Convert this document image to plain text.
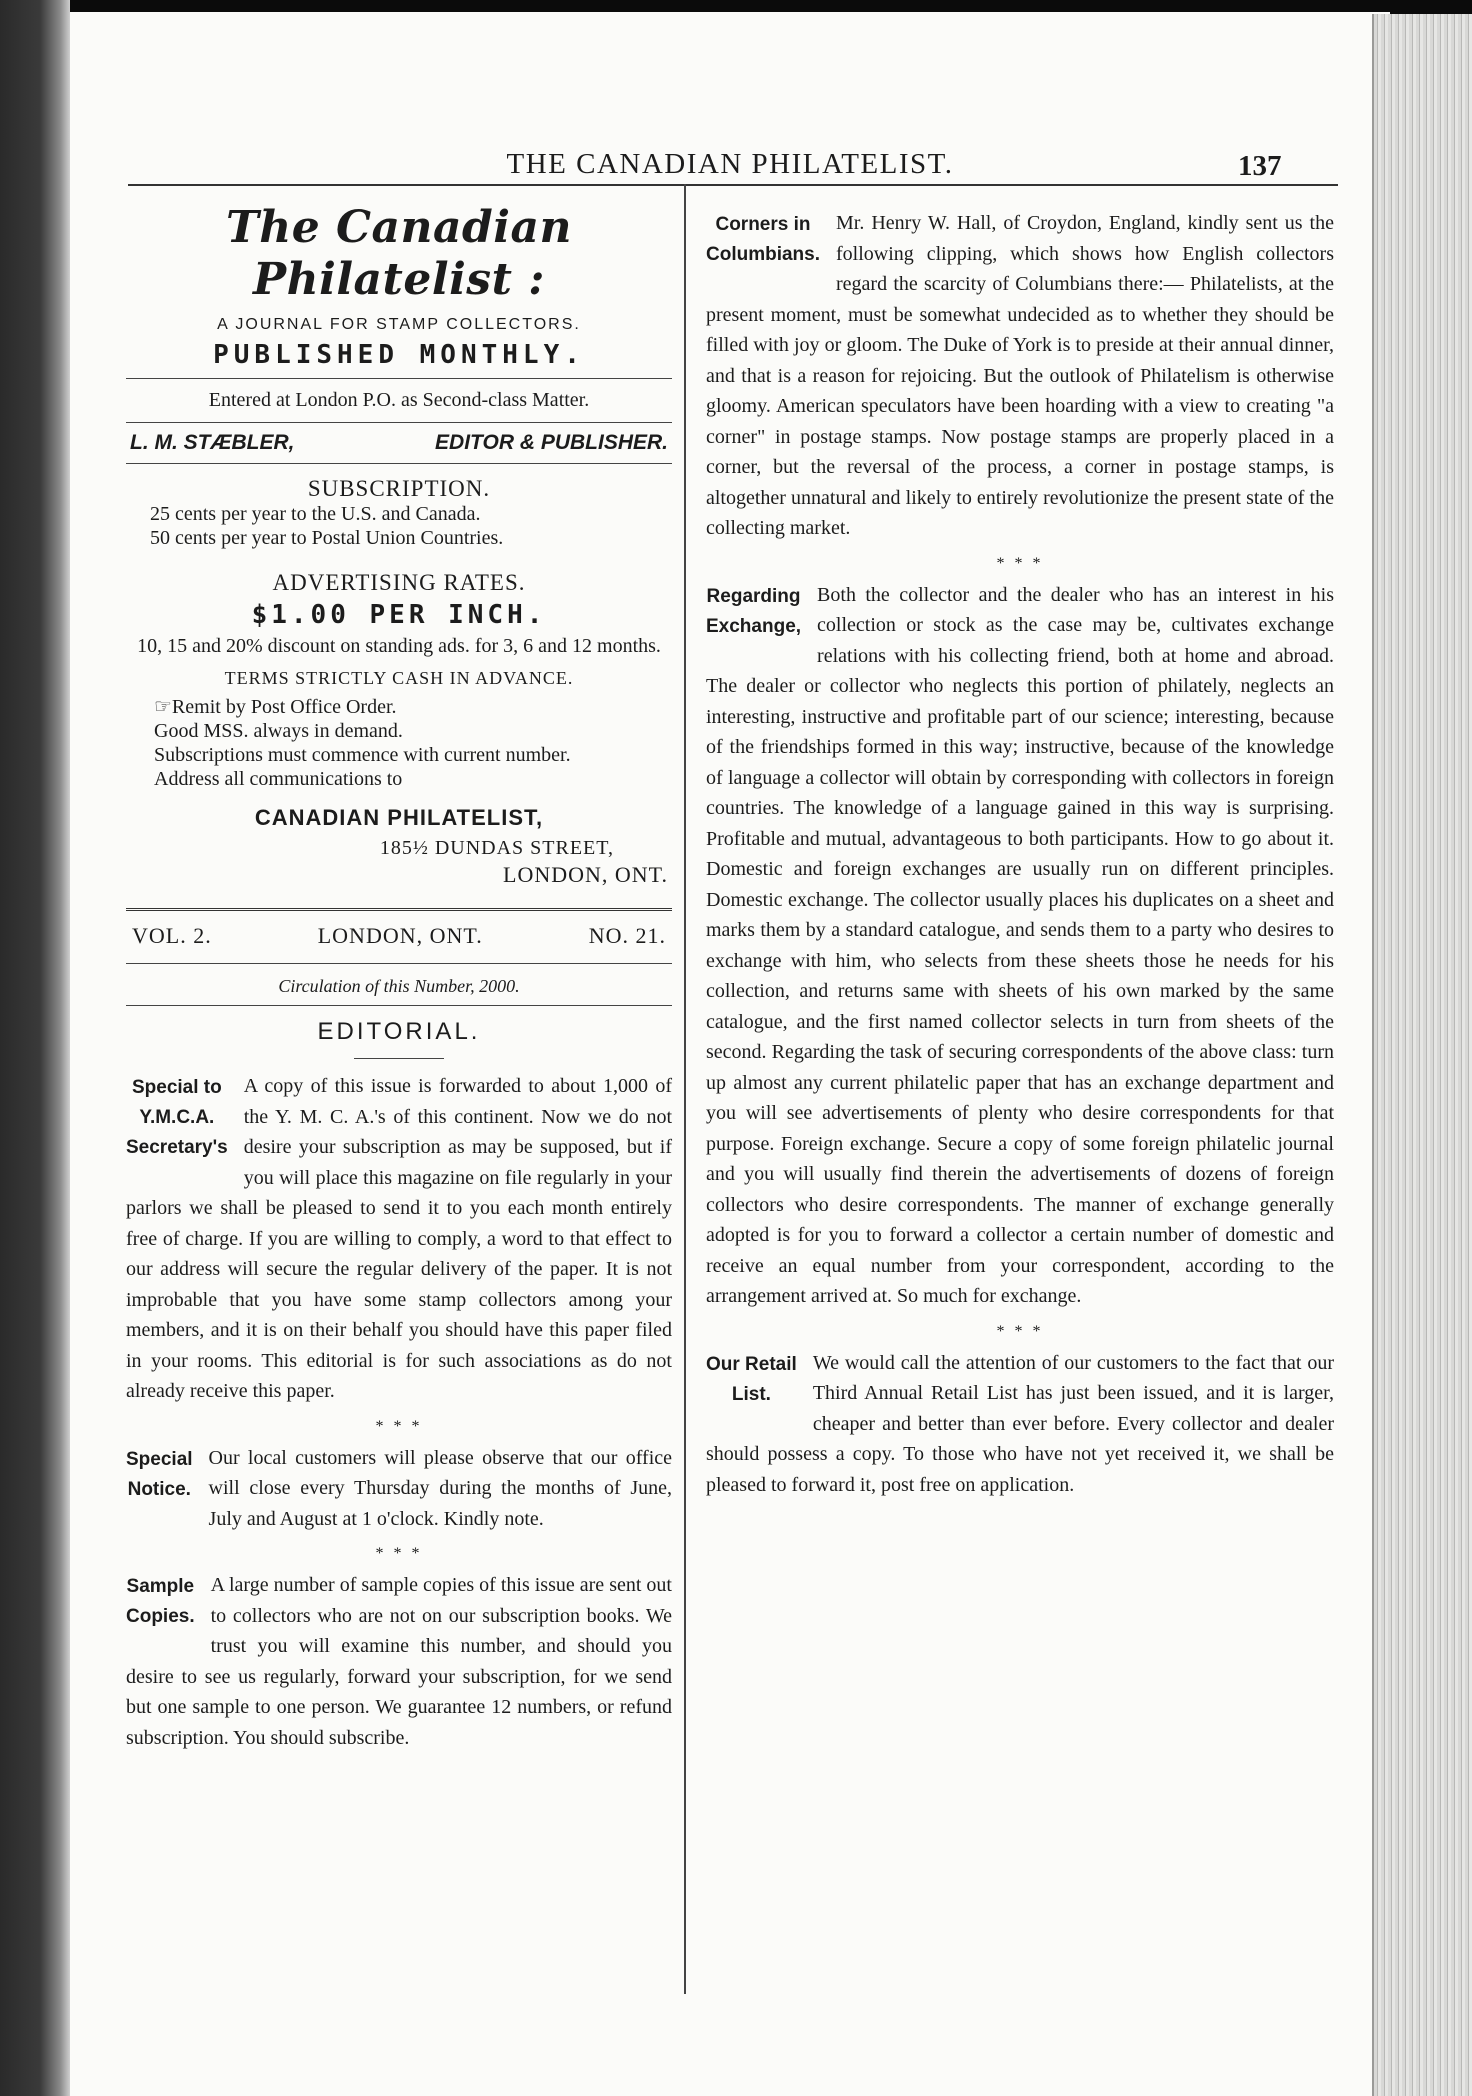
THE CANADIAN PHILATELIST.	137
The Canadian Philatelist :
A JOURNAL FOR STAMP COLLECTORS.
PUBLISHED MONTHLY.
Entered at London P.O. as Second-class Matter.
L. M. STÆBLER,	EDITOR & PUBLISHER.
SUBSCRIPTION.
25 cents per year to the U.S. and Canada.
50 cents per year to Postal Union Countries.
ADVERTISING RATES.
$1.00 PER INCH.
10, 15 and 20% discount on standing ads. for 3, 6 and 12 months.
TERMS STRICTLY CASH IN ADVANCE.
☞Remit by Post Office Order.
Good MSS. always in demand.
Subscriptions must commence with current number.
Address all communications to
CANADIAN PHILATELIST,
185½ DUNDAS STREET,
LONDON, ONT.
VOL. 2.	LONDON, ONT.	NO. 21.
Circulation of this Number, 2000.
EDITORIAL.
Special to
Y.M.C.A.
Secretary's
A copy of this issue is forwarded to about 1,000 of the Y. M. C. A.'s of this continent. Now we do not desire your subscription as may be supposed, but if you will place this magazine on file regularly in your parlors we shall be pleased to send it to you each month entirely free of charge. If you are willing to comply, a word to that effect to our address will secure the regular delivery of the paper. It is not improbable that you have some stamp collectors among your members, and it is on their behalf you should have this paper filed in your rooms. This editorial is for such associations as do not already receive this paper.
* * *
Special
Notice.
Our local customers will please observe that our office will close every Thursday during the months of June, July and August at 1 o'clock. Kindly note.
* * *
Sample
Copies.
A large number of sample copies of this issue are sent out to collectors who are not on our subscription books. We trust you will examine this number, and should you desire to see us regularly, forward your subscription, for we send but one sample to one person. We guarantee 12 numbers, or refund subscription. You should subscribe.
Corners in
Columbians.
Mr. Henry W. Hall, of Croydon, England, kindly sent us the following clipping, which shows how English collectors regard the scarcity of Columbians there:— Philatelists, at the present moment, must be somewhat undecided as to whether they should be filled with joy or gloom. The Duke of York is to preside at their annual dinner, and that is a reason for rejoicing. But the outlook of Philatelism is otherwise gloomy. American speculators have been hoarding with a view to creating "a corner" in postage stamps. Now postage stamps are properly placed in a corner, but the reversal of the process, a corner in postage stamps, is altogether unnatural and likely to entirely revolutionize the present state of the collecting market.
* * *
Regarding
Exchange,
Both the collector and the dealer who has an interest in his collection or stock as the case may be, cultivates exchange relations with his collecting friend, both at home and abroad. The dealer or collector who neglects this portion of philately, neglects an interesting, instructive and profitable part of our science; interesting, because of the friendships formed in this way; instructive, because of the knowledge of language a collector will obtain by corresponding with collectors in foreign countries. The knowledge of a language gained in this way is surprising. Profitable and mutual, advantageous to both participants. How to go about it. Domestic and foreign exchanges are usually run on different principles. Domestic exchange. The collector usually places his duplicates on a sheet and marks them by a standard catalogue, and sends them to a party who desires to exchange with him, who selects from these sheets those he needs for his collection, and returns same with sheets of his own marked by the same catalogue, and the first named collector selects in turn from sheets of the second. Regarding the task of securing correspondents of the above class: turn up almost any current philatelic paper that has an exchange department and you will see advertisements of plenty who desire correspondents for that purpose. Foreign exchange. Secure a copy of some foreign philatelic journal and you will usually find therein the advertisements of dozens of foreign collectors who desire correspondents. The manner of exchange generally adopted is for you to forward a collector a certain number of domestic and receive an equal number from your correspondent, according to the arrangement arrived at. So much for exchange.
* * *
Our Retail
List.
We would call the attention of our customers to the fact that our Third Annual Retail List has just been issued, and it is larger, cheaper and better than ever before. Every collector and dealer should possess a copy. To those who have not yet received it, we shall be pleased to forward it, post free on application.
